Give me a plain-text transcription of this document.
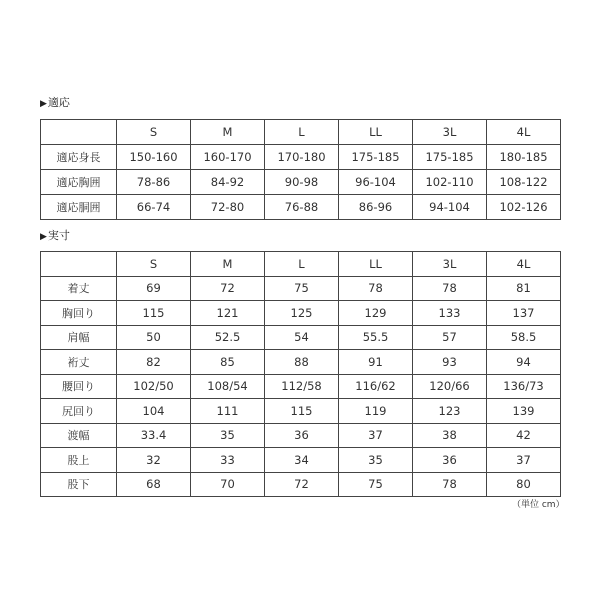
▶適応
	S	M	L	LL	3L	4L
適応身長	150-160	160-170	170-180	175-185	175-185	180-185
適応胸囲	78-86	84-92	90-98	96-104	102-110	108-122
適応胴囲	66-74	72-80	76-88	86-96	94-104	102-126
▶実寸
	S	M	L	LL	3L	4L
着丈	69	72	75	78	78	81
胸回り	115	121	125	129	133	137
肩幅	50	52.5	54	55.5	57	58.5
裄丈	82	85	88	91	93	94
腰回り	102/50	108/54	112/58	116/62	120/66	136/73
尻回り	104	111	115	119	123	139
渡幅	33.4	35	36	37	38	42
股上	32	33	34	35	36	37
股下	68	70	72	75	78	80
（単位 cm）
